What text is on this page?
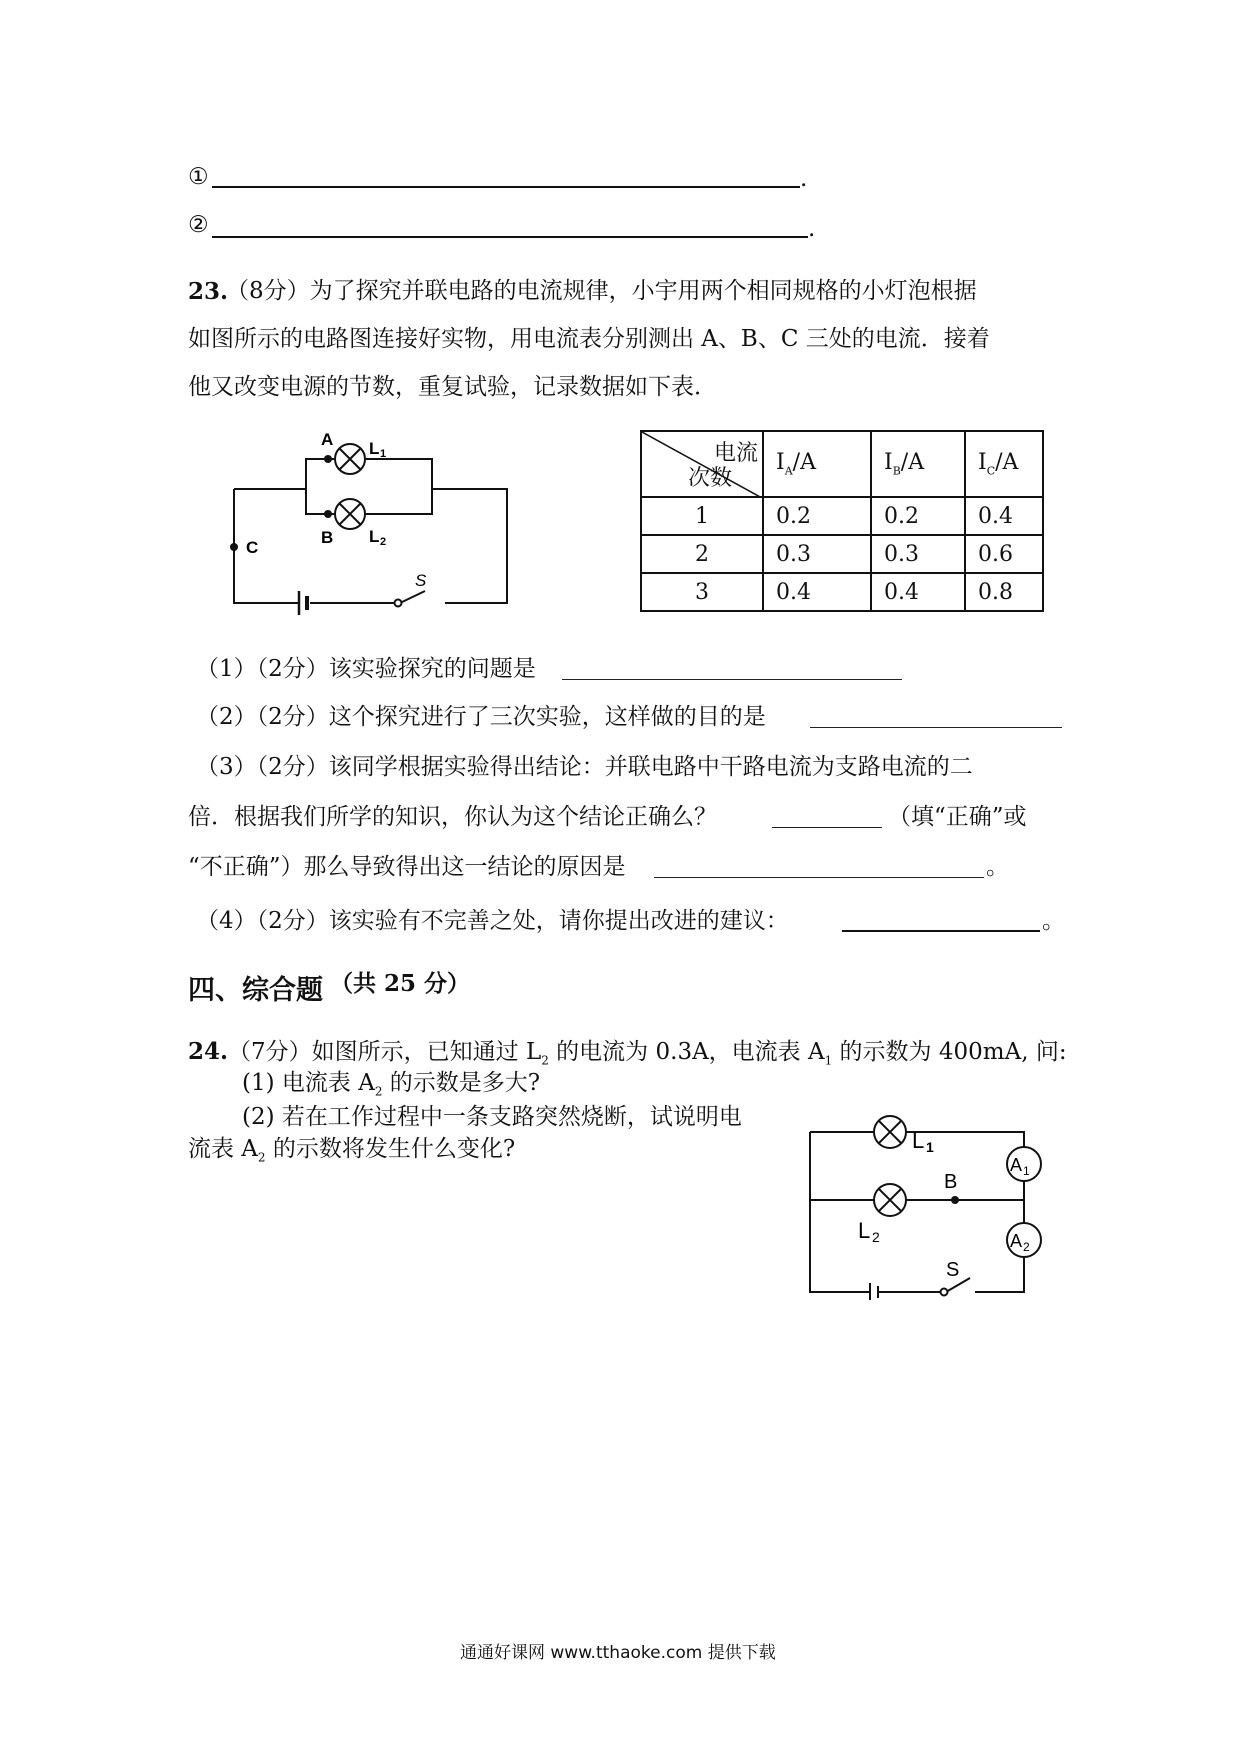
①	.
②	.
23.
（8分）为了探究并联电路的电流规律，小宇用两个相同规格的小灯泡根据
如图所示的电路图连接好实物，用电流表分别测出 A、B、C 三处的电流．接着
他又改变电源的节数，重复试验，记录数据如下表．
A
B
C
L 1
L 2
S
电流
次数	$I_A/A$	$I_B/A$	$I_C/A$
1	0.2	0.2	0.4
2	0.3	0.3	0.6
3	0.4	0.4	0.8
（1）（2分）该实验探究的问题是
（2）（2分）这个探究进行了三次实验，这样做的目的是
（3）（2分）该同学根据实验得出结论：并联电路中干路电流为支路电流的二
倍．根据我们所学的知识，你认为这个结论正确么？	（填“正确”或
“不正确”）那么导致得出这一结论的原因是	。
（4）（2分）该实验有不完善之处，请你提出改进的建议：	。
四、综合题 （共 25 分）
24.（7分）如图所示，已知通过 $L_2$ 的电流为 0.3A，电流表 $A_1$ 的示数为 400mA, 问:
(1) 电流表 $A_2$ 的示数是多大?
(2) 若在工作过程中一条支路突然烧断，试说明电
流表 $A_2$ 的示数将发生什么变化?	L 1
L 2
B
S
A 1
A 2
通通好课网 www.tthaoke.com 提供下载
